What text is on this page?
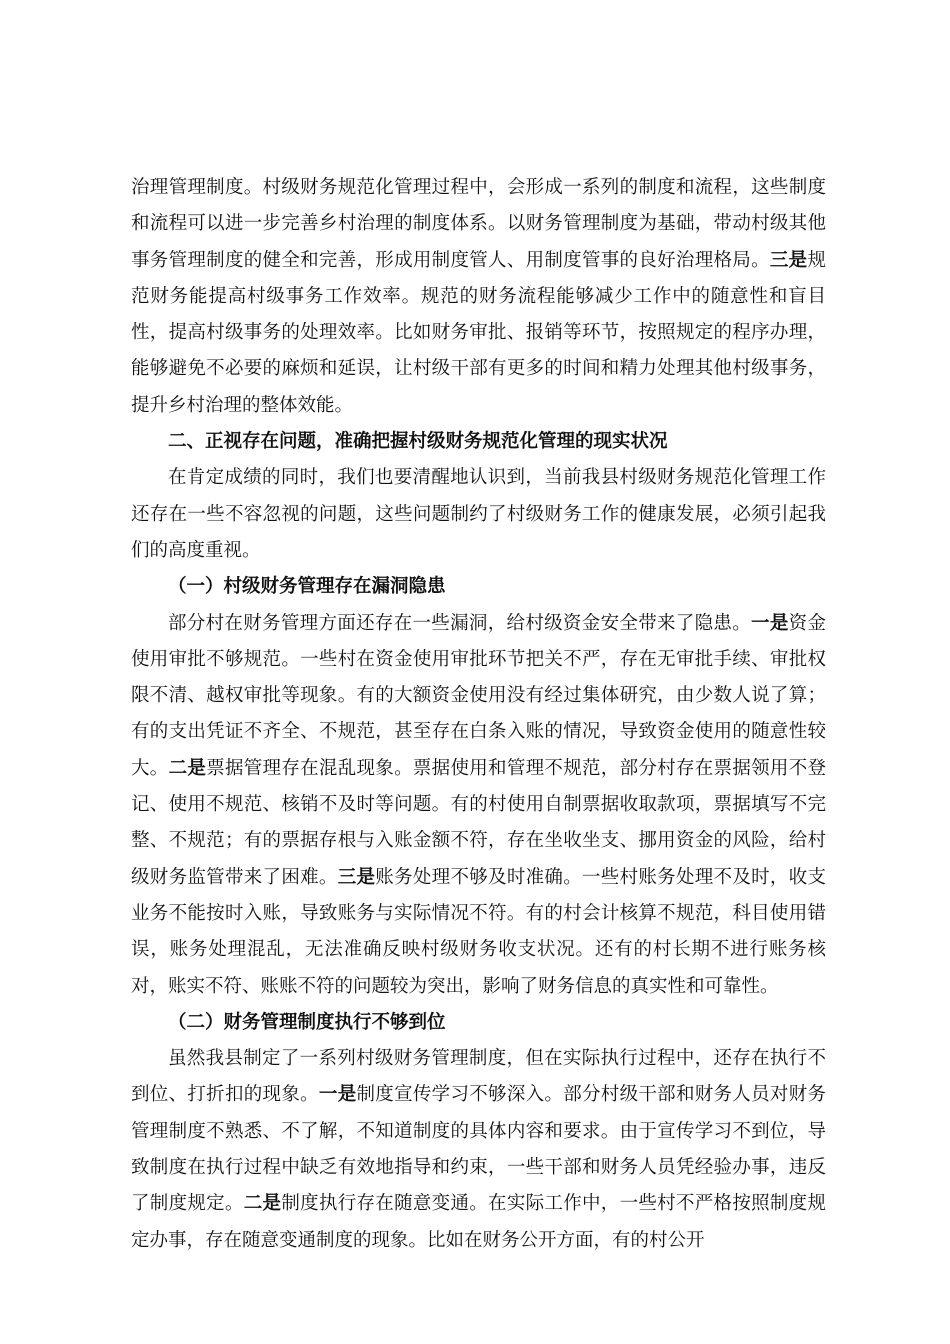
治理管理制度。村级财务规范化管理过程中，会形成一系列的制度和流程，这些制度和流程可以进一步完善乡村治理的制度体系。以财务管理制度为基础，带动村级其他事务管理制度的健全和完善，形成用制度管人、用制度管事的良好治理格局。三是规范财务能提高村级事务工作效率。规范的财务流程能够减少工作中的随意性和盲目性，提高村级事务的处理效率。比如财务审批、报销等环节，按照规定的程序办理，能够避免不必要的麻烦和延误，让村级干部有更多的时间和精力处理其他村级事务，提升乡村治理的整体效能。

二、正视存在问题，准确把握村级财务规范化管理的现实状况

在肯定成绩的同时，我们也要清醒地认识到，当前我县村级财务规范化管理工作还存在一些不容忽视的问题，这些问题制约了村级财务工作的健康发展，必须引起我们的高度重视。

（一）村级财务管理存在漏洞隐患

部分村在财务管理方面还存在一些漏洞，给村级资金安全带来了隐患。一是资金使用审批不够规范。一些村在资金使用审批环节把关不严，存在无审批手续、审批权限不清、越权审批等现象。有的大额资金使用没有经过集体研究，由少数人说了算；有的支出凭证不齐全、不规范，甚至存在白条入账的情况，导致资金使用的随意性较大。二是票据管理存在混乱现象。票据使用和管理不规范，部分村存在票据领用不登记、使用不规范、核销不及时等问题。有的村使用自制票据收取款项，票据填写不完整、不规范；有的票据存根与入账金额不符，存在坐收坐支、挪用资金的风险，给村级财务监管带来了困难。三是账务处理不够及时准确。一些村账务处理不及时，收支业务不能按时入账，导致账务与实际情况不符。有的村会计核算不规范，科目使用错误，账务处理混乱，无法准确反映村级财务收支状况。还有的村长期不进行账务核对，账实不符、账账不符的问题较为突出，影响了财务信息的真实性和可靠性。

（二）财务管理制度执行不够到位

虽然我县制定了一系列村级财务管理制度，但在实际执行过程中，还存在执行不到位、打折扣的现象。一是制度宣传学习不够深入。部分村级干部和财务人员对财务管理制度不熟悉、不了解，不知道制度的具体内容和要求。由于宣传学习不到位，导致制度在执行过程中缺乏有效地指导和约束，一些干部和财务人员凭经验办事，违反了制度规定。二是制度执行存在随意变通。在实际工作中，一些村不严格按照制度规定办事，存在随意变通制度的现象。比如在财务公开方面，有的村公开
